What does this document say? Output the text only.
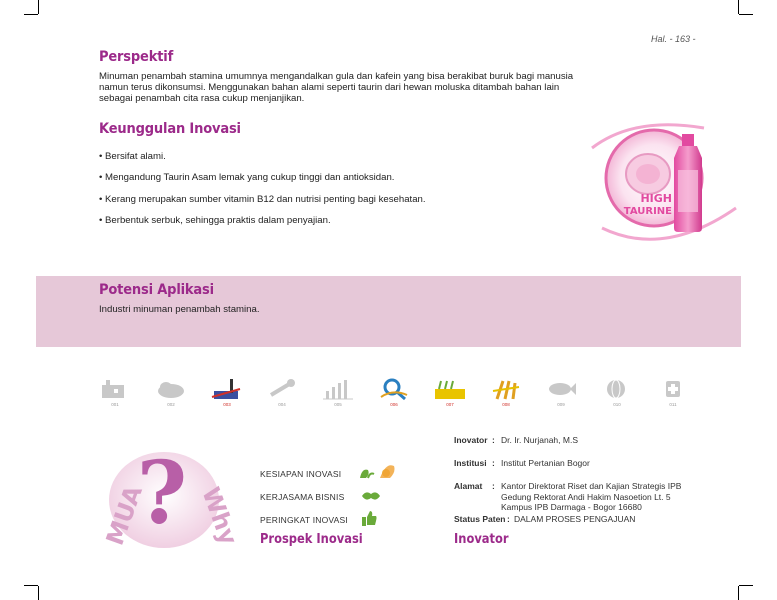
Hal. - 163 -
Perspektif
Minuman penambah stamina umumnya mengandalkan gula dan kafein yang bisa berakibat buruk bagi manusia
namun terus dikonsumsi. Menggunakan bahan alami seperti taurin dari hewan moluska ditambah bahan lain
sebagai penambah cita rasa cukup menjanjikan.
Keunggulan Inovasi
• Bersifat alami.
• Mengandung Taurin Asam lemak yang cukup tinggi dan antioksidan.
• Kerang merupakan sumber vitamin B12 dan nutrisi penting bagi kesehatan.
• Berbentuk serbuk, sehingga praktis dalam penyajian.
HIGH
TAURINE
Potensi Aplikasi
Industri minuman penambah stamina.
001	002	003	004	005	006	007	008	009	010	011
?
MUA Why
KESIAPAN INOVASI
KERJASAMA BISNIS
PERINGKAT INOVASI
Prospek Inovasi
Inovator : Dr. Ir. Nurjanah, M.S
Institusi : Institut Pertanian Bogor
Alamat : Kantor Direktorat Riset dan Kajian Strategis IPB
Gedung Rektorat Andi Hakim Nasoetion Lt. 5
Kampus IPB Darmaga - Bogor 16680
Status Paten : DALAM PROSES PENGAJUAN
Inovator
